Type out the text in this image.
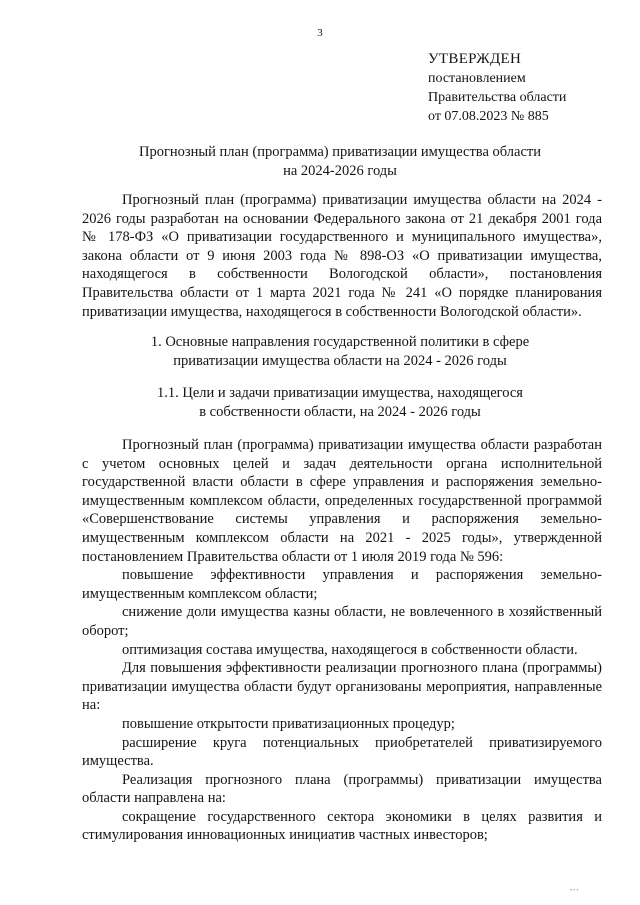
3
УТВЕРЖДЕН
постановлением
Правительства области
от 07.08.2023 № 885
Прогнозный план (программа) приватизации имущества области
на 2024-2026 годы

Прогнозный план (программа) приватизации имущества области на 2024 - 2026 годы разработан на основании Федерального закона от 21 декабря 2001 года № 178-ФЗ «О приватизации государственного и муниципального имущества», закона области от 9 июня 2003 года № 898-ОЗ «О приватизации имущества, находящегося в собственности Вологодской области», постановления Правительства области от 1 марта 2021 года № 241 «О порядке планирования приватизации имущества, находящегося в собственности Вологодской области».

1. Основные направления государственной политики в сфере
приватизации имущества области на 2024 - 2026 годы
1.1. Цели и задачи приватизации имущества, находящегося
в собственности области, на 2024 - 2026 годы

Прогнозный план (программа) приватизации имущества области разработан с учетом основных целей и задач деятельности органа исполнительной государственной власти области в сфере управления и распоряжения земельно-имущественным комплексом области, определенных государственной программой «Совершенствование системы управления и распоряжения земельно-имущественным комплексом области на 2021 - 2025 годы», утвержденной постановлением Правительства области от 1 июля 2019 года № 596:

повышение эффективности управления и распоряжения земельно-имущественным комплексом области;

снижение доли имущества казны области, не вовлеченного в хозяйственный оборот;

оптимизация состава имущества, находящегося в собственности области.

Для повышения эффективности реализации прогнозного плана (программы) приватизации имущества области будут организованы мероприятия, направленные на:

повышение открытости приватизационных процедур;

расширение круга потенциальных приобретателей приватизируемого имущества.

Реализация прогнозного плана (программы) приватизации имущества области направлена на:

сокращение государственного сектора экономики в целях развития и стимулирования инновационных инициатив частных инвесторов;

•••
